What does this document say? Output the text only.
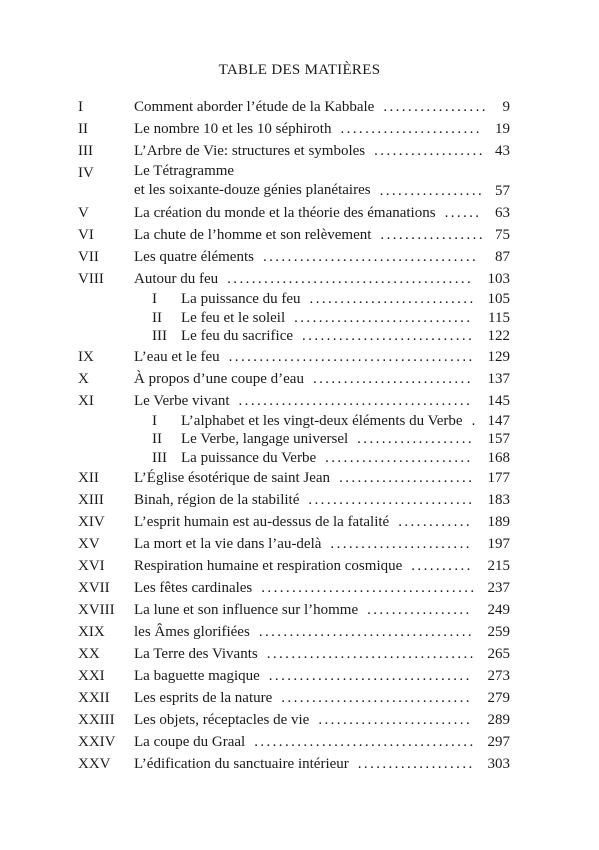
TABLE DES MATIÈRES
I	Comment aborder l’étude de la Kabbale	9
.................
II	Le nombre 10 et les 10 séphiroth	19
.......................
III	L’Arbre de Vie: structures et symboles	43
..................
IV	Le Tétragramme
et les soixante-douze génies planétaires	57
.................
V	La création du monde et la théorie des émanations	63
......
VI	La chute de l’homme et son relèvement	75
.................
VII Les quatre éléments	87
...................................
VIII Autour du feu	103
........................................
I	La puissance du feu	105
...........................
II	Le feu et le soleil	115
.............................
III Le feu du sacrifice	122
............................
IX	L’eau et le feu	129
........................................
X	À propos d’une coupe d’eau	137
..........................
XI	Le Verbe vivant	145
......................................
I	L’alphabet et les vingt-deux éléments du Verbe 147
.
II	Le Verbe, langage universel	157
...................
III La puissance du Verbe	168
........................
XII L’Église ésotérique de saint Jean	177
......................
XIII Binah, région de la stabilité	183
...........................
XIV L’esprit humain est au-dessus de la fatalité	189
............
XV La mort et la vie dans l’au-delà	197
.......................
XVI Respiration humaine et respiration cosmique	215
..........
XVII Les fêtes cardinales	237
...................................
XVIII La lune et son influence sur l’homme	249
.................
XIX les Âmes glorifiées	259
...................................
XX La Terre des Vivants	265
..................................
XXI La baguette magique	273
.................................
XXII Les esprits de la nature	279
...............................
XXIII Les objets, réceptacles de vie	289
.........................
XXIV La coupe du Graal	297
....................................
XXV L’édification du sanctuaire intérieur	303
...................
